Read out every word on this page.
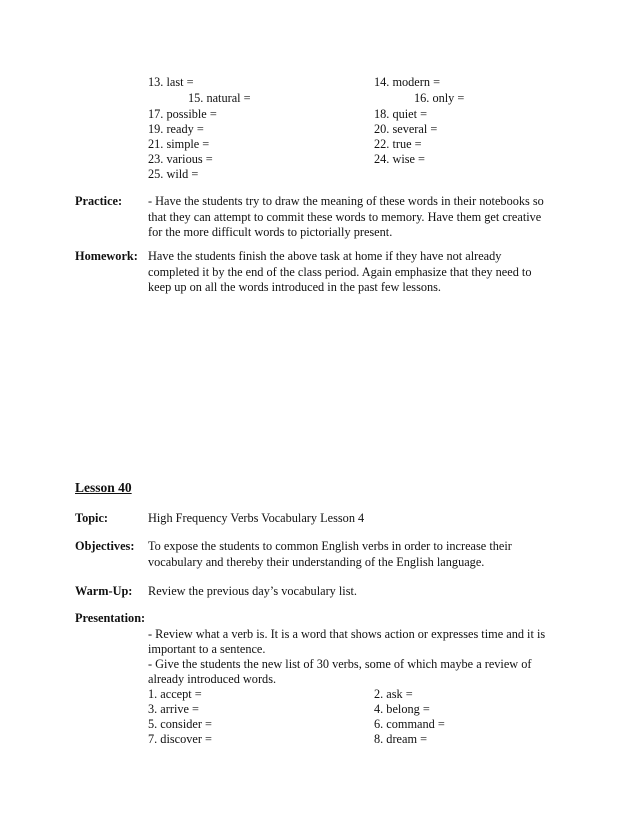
13. last =	14. modern =
15. natural =	16. only =
17. possible =	18. quiet =
19. ready =	20. several =
21. simple =	22. true =
23. various =	24. wise =
25. wild =
Practice: - Have the students try to draw the meaning of these words in their notebooks so
that they can attempt to commit these words to memory. Have them get creative
for the more difficult words to pictorially present.
Homework: Have the students finish the above task at home if they have not already
completed it by the end of the class period. Again emphasize that they need to
keep up on all the words introduced in the past few lessons.
Lesson 40
Topic:	High Frequency Verbs Vocabulary Lesson 4
Objectives: To expose the students to common English verbs in order to increase their
vocabulary and thereby their understanding of the English language.
Warm-Up: Review the previous day’s vocabulary list.
Presentation:
- Review what a verb is. It is a word that shows action or expresses time and it is
important to a sentence.
- Give the students the new list of 30 verbs, some of which maybe a review of
already introduced words.
1. accept =	2. ask =
3. arrive =	4. belong =
5. consider =	6. command =
7. discover =	8. dream =
